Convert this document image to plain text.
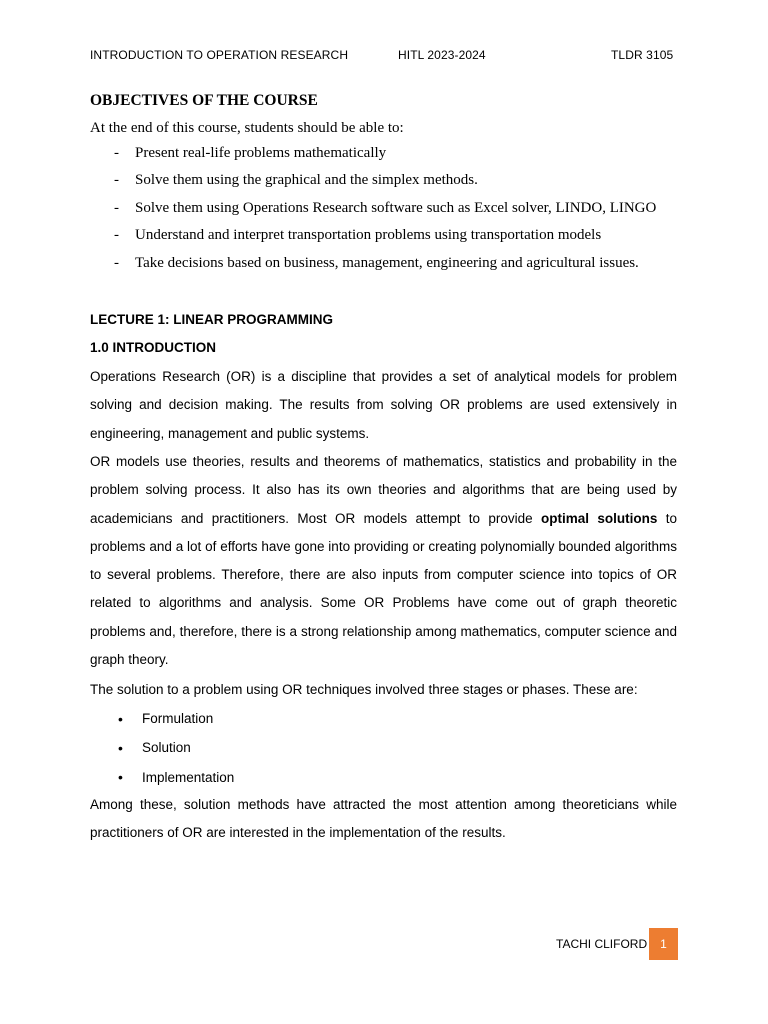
INTRODUCTION TO OPERATION RESEARCH	HITL 2023-2024	TLDR 3105
OBJECTIVES OF THE COURSE
At the end of this course, students should be able to:
-	Present real-life problems mathematically
-	Solve them using the graphical and the simplex methods.
-	Solve them using Operations Research software such as Excel solver, LINDO, LINGO
-	Understand and interpret transportation problems using transportation models
-	Take decisions based on business, management, engineering and agricultural issues.
LECTURE 1: LINEAR PROGRAMMING
1.0 INTRODUCTION
Operations Research (OR) is a discipline that provides a set of analytical models for problem solving and decision making. The results from solving OR problems are used extensively in engineering, management and public systems.
OR models use theories, results and theorems of mathematics, statistics and probability in the problem solving process. It also has its own theories and algorithms that are being used by academicians and practitioners. Most OR models attempt to provide optimal solutions to problems and a lot of efforts have gone into providing or creating polynomially bounded algorithms to several problems. Therefore, there are also inputs from computer science into topics of OR related to algorithms and analysis. Some OR Problems have come out of graph theoretic problems and, therefore, there is a strong relationship among mathematics, computer science and graph theory.
The solution to a problem using OR techniques involved three stages or phases. These are:
•	Formulation
•	Solution
•	Implementation
Among these, solution methods have attracted the most attention among theoreticians while practitioners of OR are interested in the implementation of the results.
TACHI CLIFORD	1
